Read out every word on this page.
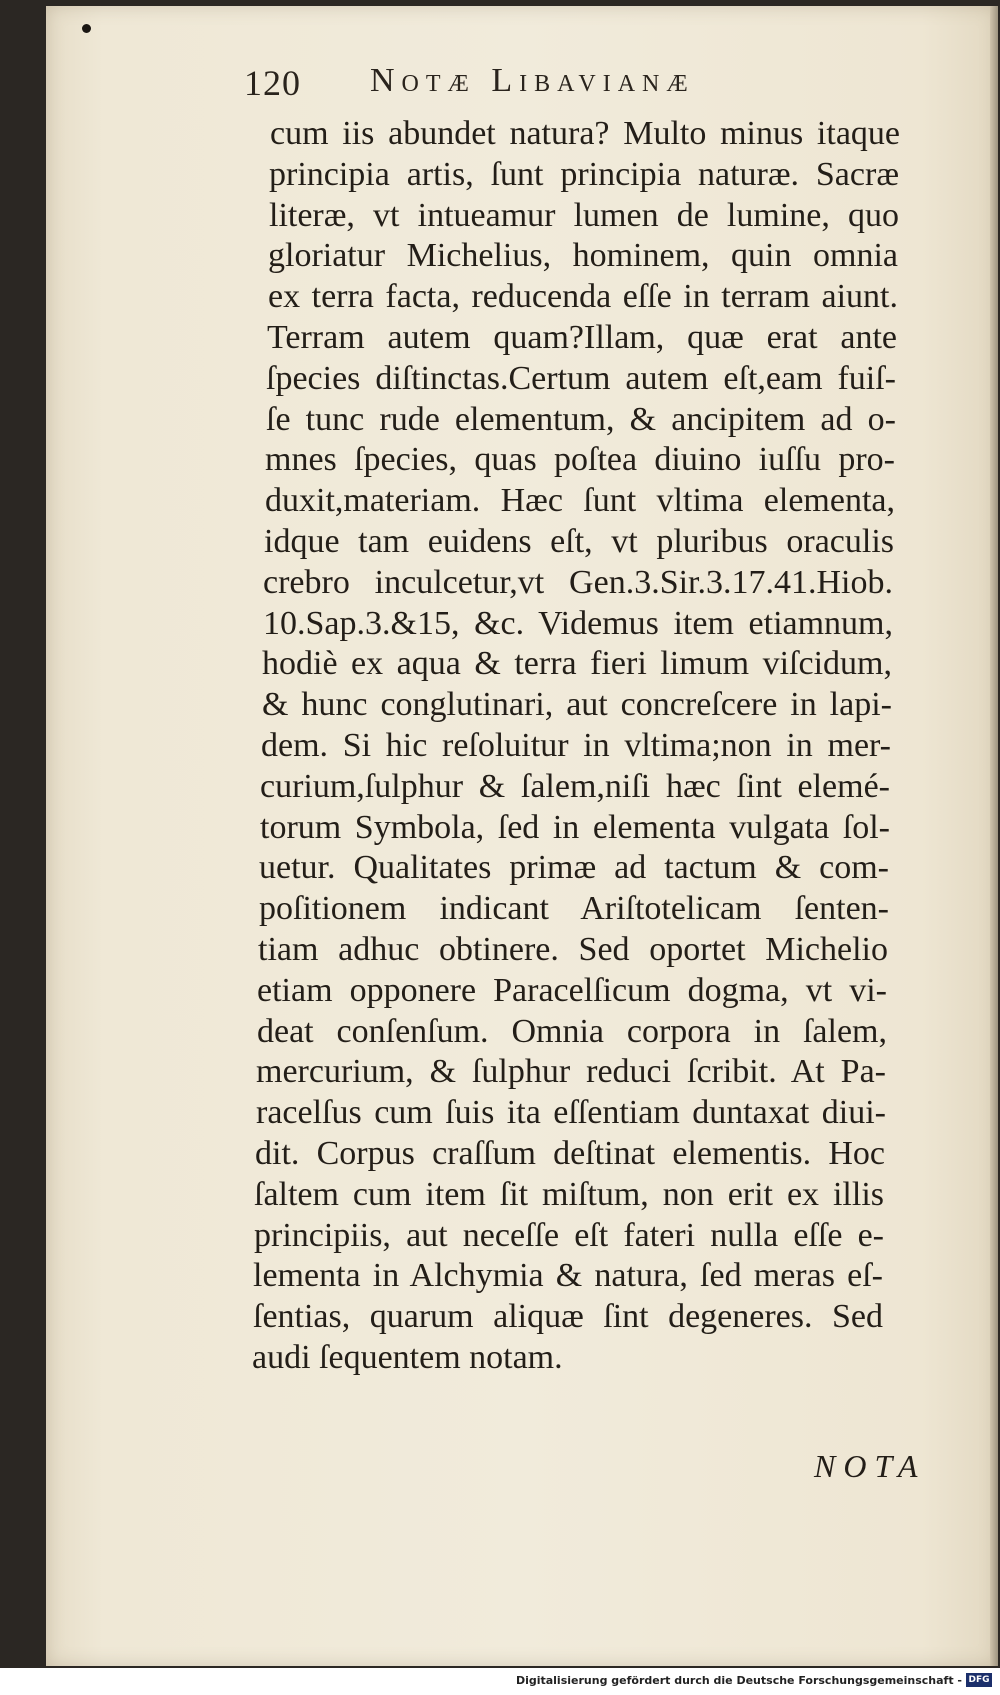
120 Notæ Libavianæ
cum iis abundet natura? Multo minus itaque
principia artis, ſunt principia naturæ. Sacræ
literæ, vt intueamur lumen de lumine, quo
gloriatur Michelius, hominem, quin omnia
ex terra facta, reducenda eſſe in terram aiunt.
Terram autem quam?Illam, quæ erat ante
ſpecies diſtinctas.Certum autem eſt,eam fuiſ-
ſe tunc rude elementum, & ancipitem ad o-
mnes ſpecies, quas poſtea diuino iuſſu pro-
duxit,materiam. Hæc ſunt vltima elementa,
idque tam euidens eſt, vt pluribus oraculis
crebro inculcetur,vt Gen.3.Sir.3.17.41.Hiob.
10.Sap.3.&15, &c. Videmus item etiamnum,
hodiè ex aqua & terra fieri limum viſcidum,
& hunc conglutinari, aut concreſcere in lapi-
dem. Si hic reſoluitur in vltima;non in mer-
curium,ſulphur & ſalem,niſi hæc ſint elemé-
torum Symbola, ſed in elementa vulgata ſol-
uetur. Qualitates primæ ad tactum & com-
poſitionem indicant Ariſtotelicam ſenten-
tiam adhuc obtinere. Sed oportet Michelio
etiam opponere Paracelſicum dogma, vt vi-
deat conſenſum. Omnia corpora in ſalem,
mercurium, & ſulphur reduci ſcribit. At Pa-
racelſus cum ſuis ita eſſentiam duntaxat diui-
dit. Corpus craſſum deſtinat elementis. Hoc
ſaltem cum item ſit miſtum, non erit ex illis
principiis, aut neceſſe eſt fateri nulla eſſe e-
lementa in Alchymia & natura, ſed meras eſ-
ſentias, quarum aliquæ ſint degeneres. Sed
audi ſequentem notam.
NOTA
Digitalisierung gefördert durch die Deutsche Forschungsgemeinschaft - DFG
